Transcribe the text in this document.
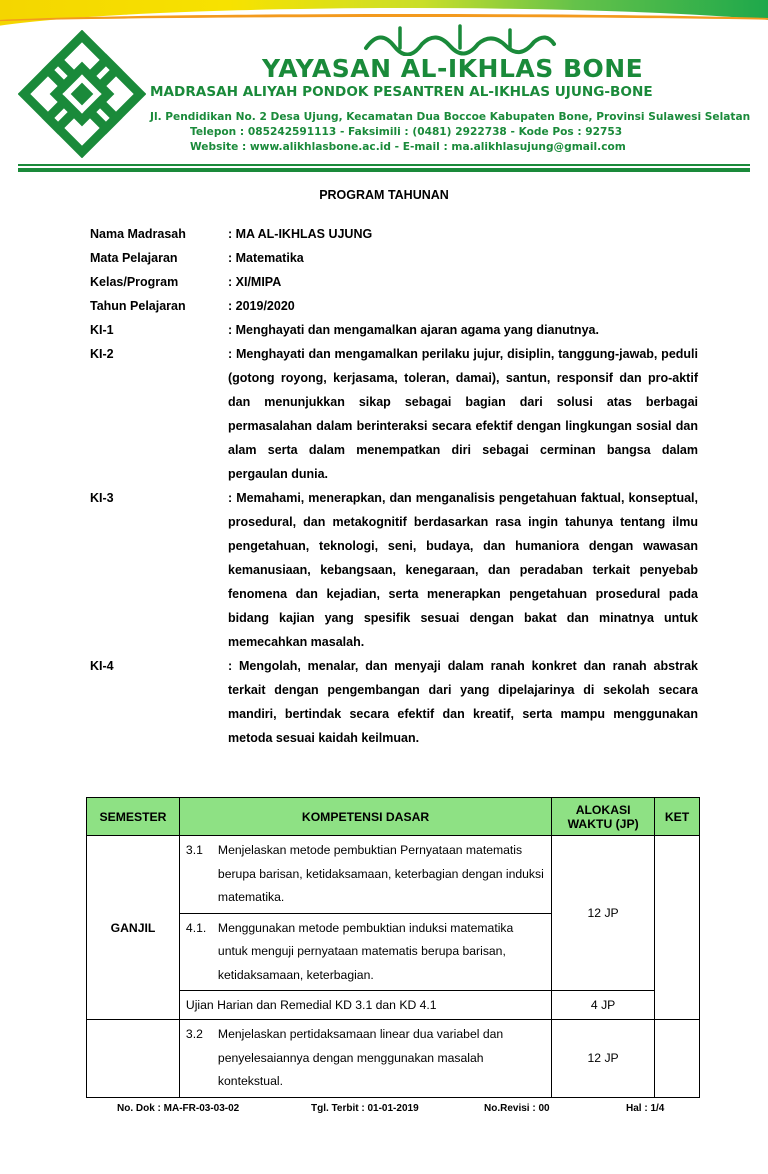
YAYASAN AL-IKHLAS BONE
MADRASAH ALIYAH PONDOK PESANTREN AL-IKHLAS UJUNG-BONE
Jl. Pendidikan No. 2 Desa Ujung, Kecamatan Dua Boccoe Kabupaten Bone, Provinsi Sulawesi Selatan
Telepon : 085242591113 - Faksimili : (0481) 2922738 - Kode Pos : 92753
Website : www.alikhlasbone.ac.id - E-mail : ma.alikhlasujung@gmail.com
PROGRAM TAHUNAN
Nama Madrasah	: MA AL-IKHLAS UJUNG
Mata Pelajaran	: Matematika
Kelas/Program	: XI/MIPA
Tahun Pelajaran	: 2019/2020
KI-1	: Menghayati dan mengamalkan ajaran agama yang dianutnya.

KI-2	: Menghayati dan mengamalkan perilaku jujur, disiplin, tanggung-jawab, peduli (gotong royong, kerjasama, toleran, damai), santun, responsif dan pro-aktif dan menunjukkan sikap sebagai bagian dari solusi atas berbagai permasalahan dalam berinteraksi secara efektif dengan lingkungan sosial dan alam serta dalam menempatkan diri sebagai cerminan bangsa dalam pergaulan dunia.

KI-3	: Memahami, menerapkan, dan menganalisis pengetahuan faktual, konseptual, prosedural, dan metakognitif berdasarkan rasa ingin tahunya tentang ilmu pengetahuan, teknologi, seni, budaya, dan humaniora dengan wawasan kemanusiaan, kebangsaan, kenegaraan, dan peradaban terkait penyebab fenomena dan kejadian, serta menerapkan pengetahuan prosedural pada bidang kajian yang spesifik sesuai dengan bakat dan minatnya untuk memecahkan masalah.

KI-4	: Mengolah, menalar, dan menyaji dalam ranah konkret dan ranah abstrak terkait dengan pengembangan dari yang dipelajarinya di sekolah secara mandiri, bertindak secara efektif dan kreatif, serta mampu menggunakan metoda sesuai kaidah keilmuan.

SEMESTER	KOMPETENSI DASAR	ALOKASI WAKTU (JP)	KET
GANJIL	3.1 Menjelaskan metode pembuktian Pernyataan matematis berupa barisan, ketidaksamaan, keterbagian dengan induksi matematika.	12 JP	

	4.1. Menggunakan metode pembuktian induksi matematika untuk menguji pernyataan matematis berupa barisan, ketidaksamaan, keterbagian.		

	Ujian Harian dan Remedial KD 3.1 dan KD 4.1	4 JP	

	3.2 Menjelaskan pertidaksamaan linear dua variabel dan penyelesaiannya dengan menggunakan masalah kontekstual.	12 JP	
No. Dok : MA-FR-03-03-02	Tgl. Terbit : 01-01-2019	No.Revisi : 00	Hal : 1/4
